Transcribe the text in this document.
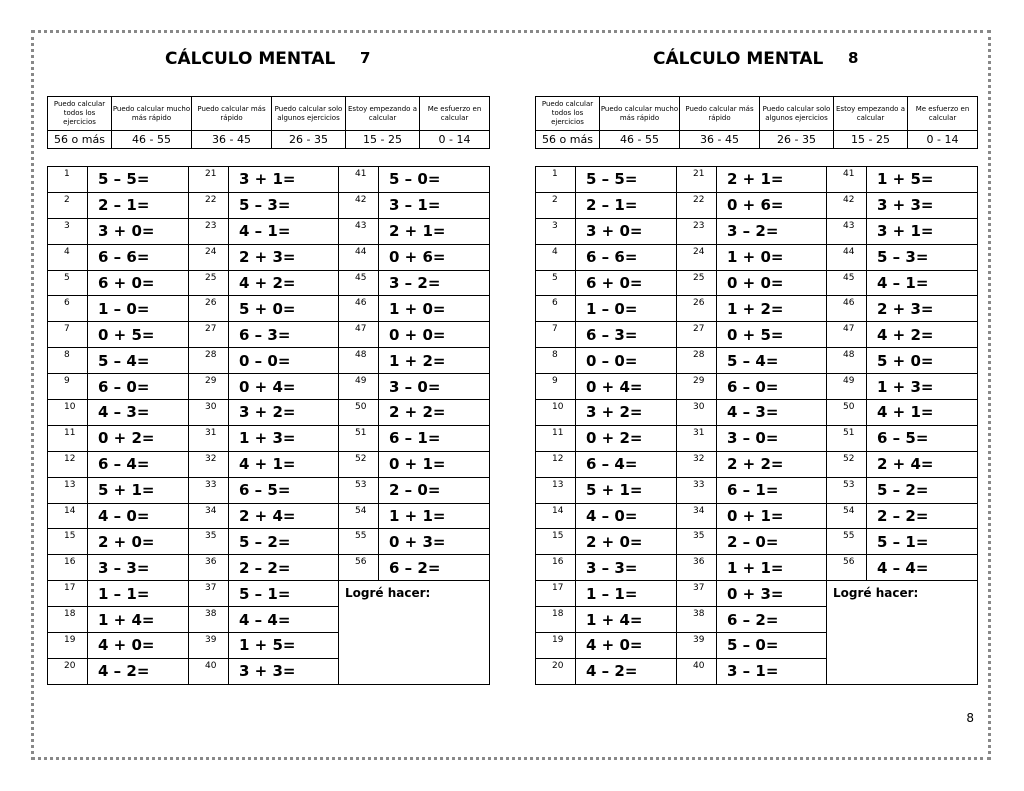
CÁLCULO MENTAL 7
Puedo calcular todos los ejercicios	Puedo calcular mucho más rápido	Puedo calcular más rápido	Puedo calcular solo algunos ejercicios	Estoy empezando a calcular	Me esfuerzo en calcular
56 o más	46 - 55	36 - 45	26 - 35	15 - 25	0 - 14
1	5 – 5=	21	3 + 1=	41	5 – 0=
2	2 – 1=	22	5 – 3=	42	3 – 1=
3	3 + 0=	23	4 – 1=	43	2 + 1=
4	6 – 6=	24	2 + 3=	44	0 + 6=
5	6 + 0=	25	4 + 2=	45	3 – 2=
6	1 – 0=	26	5 + 0=	46	1 + 0=
7	0 + 5=	27	6 – 3=	47	0 + 0=
8	5 – 4=	28	0 – 0=	48	1 + 2=
9	6 – 0=	29	0 + 4=	49	3 – 0=
10	4 – 3=	30	3 + 2=	50	2 + 2=
11	0 + 2=	31	1 + 3=	51	6 – 1=
12	6 – 4=	32	4 + 1=	52	0 + 1=
13	5 + 1=	33	6 – 5=	53	2 – 0=
14	4 – 0=	34	2 + 4=	54	1 + 1=
15	2 + 0=	35	5 – 2=	55	0 + 3=
16	3 – 3=	36	2 – 2=	56	6 – 2=
17	1 – 1=	37	5 – 1=	Logré hacer:	
18	1 + 4=	38	4 – 4=		
19	4 + 0=	39	1 + 5=		
20	4 – 2=	40	3 + 3=		
CÁLCULO MENTAL 8
Puedo calcular todos los ejercicios	Puedo calcular mucho más rápido	Puedo calcular más rápido	Puedo calcular solo algunos ejercicios	Estoy empezando a calcular	Me esfuerzo en calcular
56 o más	46 - 55	36 - 45	26 - 35	15 - 25	0 - 14
1	5 – 5=	21	2 + 1=	41	1 + 5=
2	2 – 1=	22	0 + 6=	42	3 + 3=
3	3 + 0=	23	3 – 2=	43	3 + 1=
4	6 – 6=	24	1 + 0=	44	5 – 3=
5	6 + 0=	25	0 + 0=	45	4 – 1=
6	1 – 0=	26	1 + 2=	46	2 + 3=
7	6 – 3=	27	0 + 5=	47	4 + 2=
8	0 – 0=	28	5 – 4=	48	5 + 0=
9	0 + 4=	29	6 – 0=	49	1 + 3=
10	3 + 2=	30	4 – 3=	50	4 + 1=
11	0 + 2=	31	3 – 0=	51	6 – 5=
12	6 – 4=	32	2 + 2=	52	2 + 4=
13	5 + 1=	33	6 – 1=	53	5 – 2=
14	4 – 0=	34	0 + 1=	54	2 – 2=
15	2 + 0=	35	2 – 0=	55	5 – 1=
16	3 – 3=	36	1 + 1=	56	4 – 4=
17	1 – 1=	37	0 + 3=	Logré hacer:	
18	1 + 4=	38	6 – 2=		
19	4 + 0=	39	5 – 0=		
20	4 – 2=	40	3 – 1=		
8
